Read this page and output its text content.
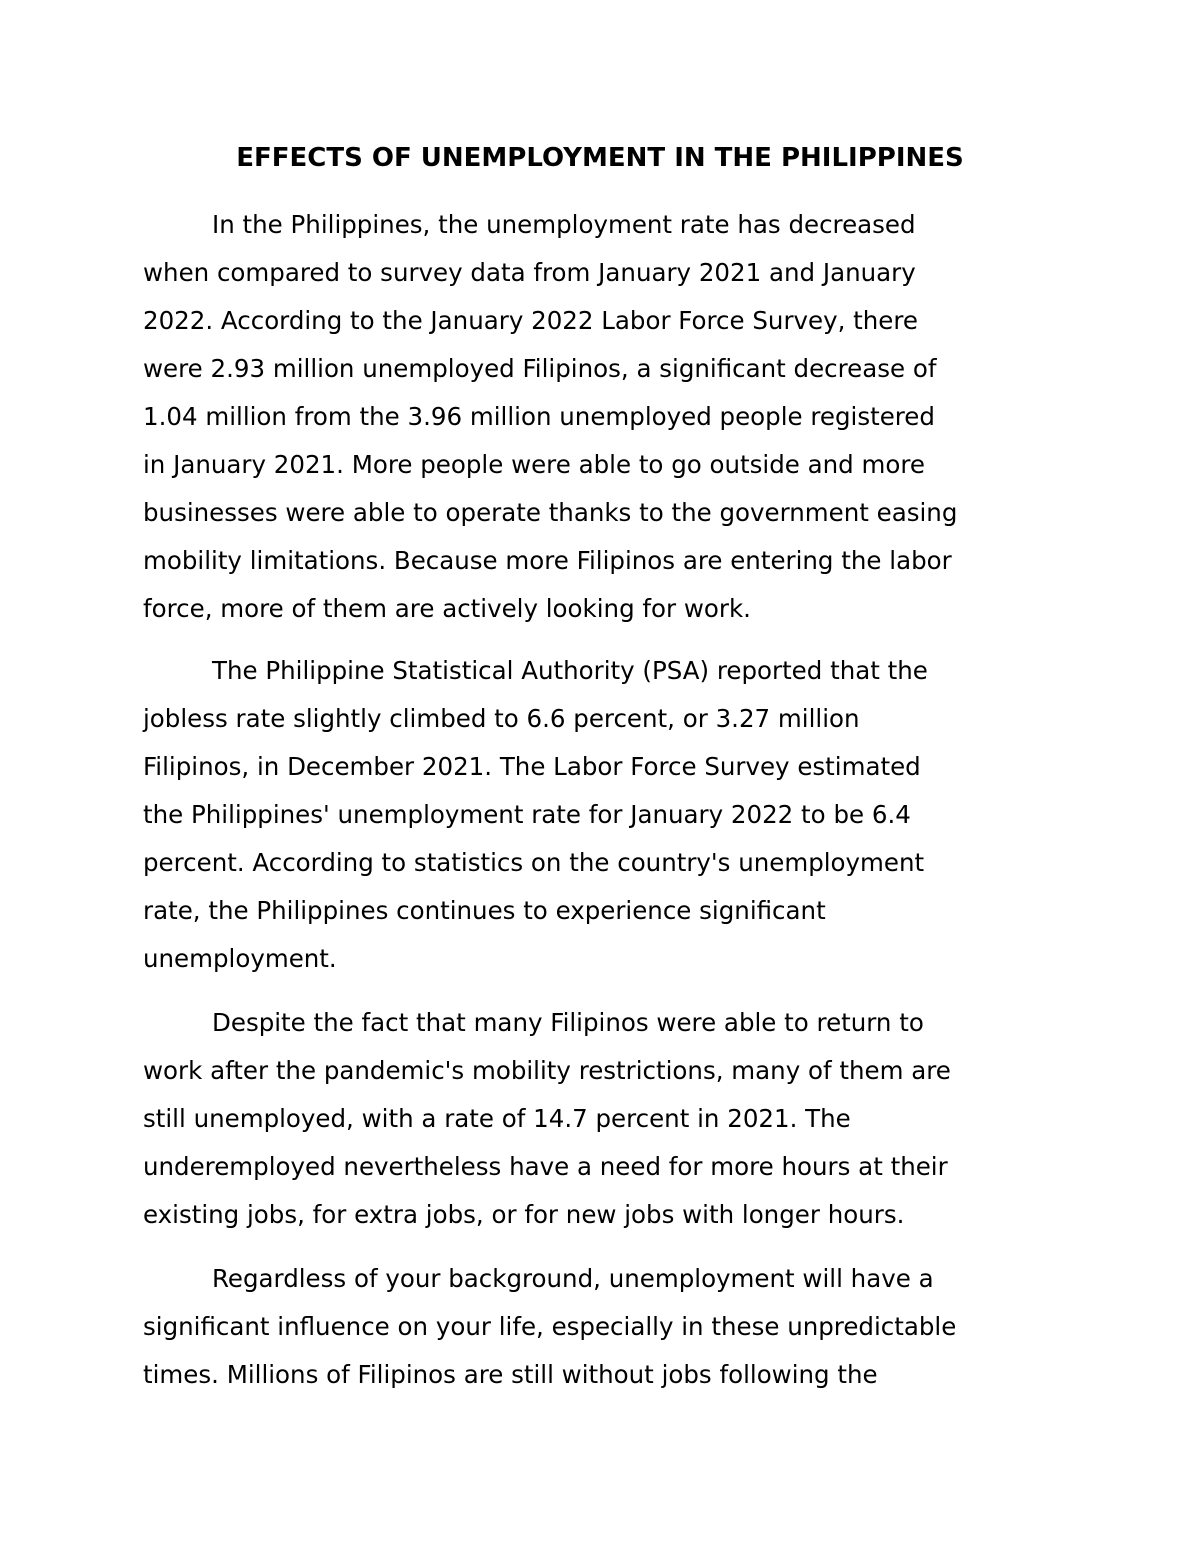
EFFECTS OF UNEMPLOYMENT IN THE PHILIPPINES
In the Philippines, the unemployment rate has decreased
when compared to survey data from January 2021 and January
2022. According to the January 2022 Labor Force Survey, there
were 2.93 million unemployed Filipinos, a significant decrease of
1.04 million from the 3.96 million unemployed people registered
in January 2021. More people were able to go outside and more
businesses were able to operate thanks to the government easing
mobility limitations. Because more Filipinos are entering the labor
force, more of them are actively looking for work.
The Philippine Statistical Authority (PSA) reported that the
jobless rate slightly climbed to 6.6 percent, or 3.27 million
Filipinos, in December 2021. The Labor Force Survey estimated
the Philippines' unemployment rate for January 2022 to be 6.4
percent. According to statistics on the country's unemployment
rate, the Philippines continues to experience significant
unemployment.
Despite the fact that many Filipinos were able to return to
work after the pandemic's mobility restrictions, many of them are
still unemployed, with a rate of 14.7 percent in 2021. The
underemployed nevertheless have a need for more hours at their
existing jobs, for extra jobs, or for new jobs with longer hours.
Regardless of your background, unemployment will have a
significant influence on your life, especially in these unpredictable
times. Millions of Filipinos are still without jobs following the
